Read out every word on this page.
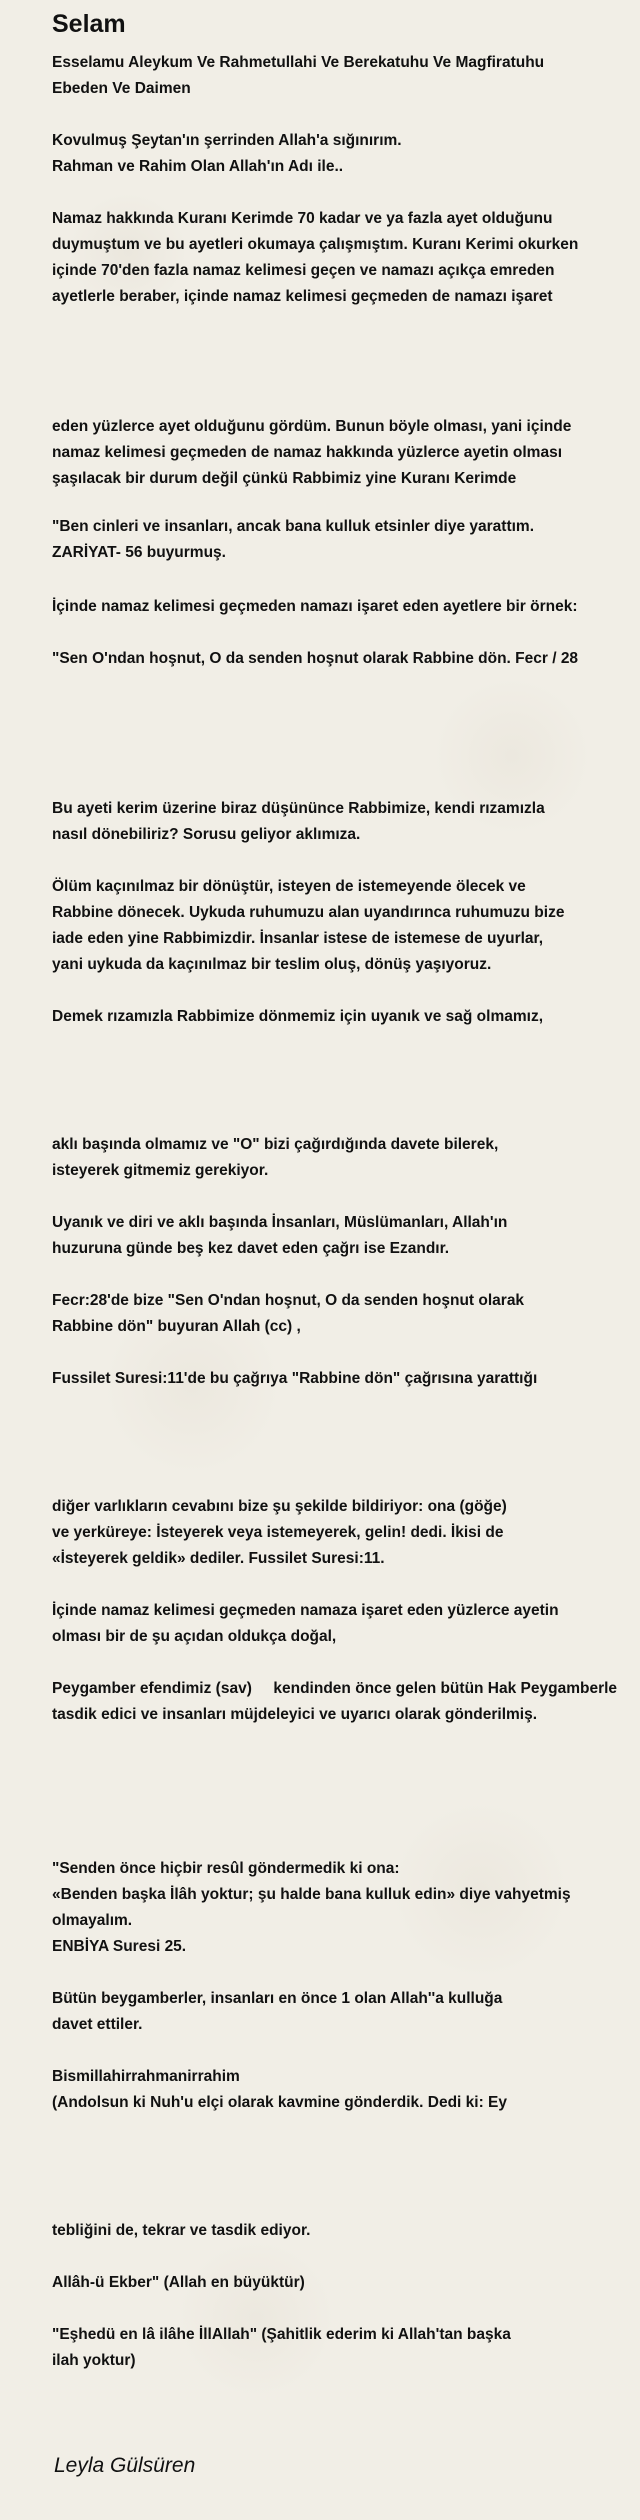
Selam

Esselamu Aleykum Ve Rahmetullahi Ve Berekatuhu Ve Magfiratuhu
Ebeden Ve Daimen

Kovulmuş Şeytan'ın şerrinden Allah'a sığınırım.
Rahman ve Rahim Olan Allah'ın Adı ile..

Namaz hakkında Kuranı Kerimde 70 kadar ve ya fazla ayet olduğunu
duymuştum ve bu ayetleri okumaya çalışmıştım. Kuranı Kerimi okurken
içinde 70'den fazla namaz kelimesi geçen ve namazı açıkça emreden
ayetlerle beraber, içinde namaz kelimesi geçmeden de namazı işaret

eden yüzlerce ayet olduğunu gördüm. Bunun böyle olması, yani içinde
namaz kelimesi geçmeden de namaz hakkında yüzlerce ayetin olması
şaşılacak bir durum değil çünkü Rabbimiz yine Kuranı Kerimde

"Ben cinleri ve insanları, ancak bana kulluk etsinler diye yarattım.
ZARİYAT- 56 buyurmuş.

İçinde namaz kelimesi geçmeden namazı işaret eden ayetlere bir örnek:

"Sen O'ndan hoşnut, O da senden hoşnut olarak Rabbine dön. Fecr / 28

Bu ayeti kerim üzerine biraz düşününce Rabbimize, kendi rızamızla
nasıl dönebiliriz? Sorusu geliyor aklımıza.

Ölüm kaçınılmaz bir dönüştür, isteyen de istemeyende ölecek ve
Rabbine dönecek. Uykuda ruhumuzu alan uyandırınca ruhumuzu bize
iade eden yine Rabbimizdir. İnsanlar istese de istemese de uyurlar,
yani uykuda da kaçınılmaz bir teslim oluş, dönüş yaşıyoruz.

Demek rızamızla Rabbimize dönmemiz için uyanık ve sağ olmamız,

aklı başında olmamız ve "O" bizi çağırdığında davete bilerek,
isteyerek gitmemiz gerekiyor.

Uyanık ve diri ve aklı başında İnsanları, Müslümanları, Allah'ın
huzuruna günde beş kez davet eden çağrı ise Ezandır.

Fecr:28'de bize "Sen O'ndan hoşnut, O da senden hoşnut olarak
Rabbine dön" buyuran Allah (cc) ,

Fussilet Suresi:11'de bu çağrıya "Rabbine dön" çağrısına yarattığı

diğer varlıkların cevabını bize şu şekilde bildiriyor: ona (göğe)
ve yerküreye: İsteyerek veya istemeyerek, gelin! dedi. İkisi de
«İsteyerek geldik» dediler. Fussilet Suresi:11.

İçinde namaz kelimesi geçmeden namaza işaret eden yüzlerce ayetin
olması bir de şu açıdan oldukça doğal,

Peygamber efendimiz (sav)     kendinden önce gelen bütün Hak Peygamberle
tasdik edici ve insanları müjdeleyici ve uyarıcı olarak gönderilmiş.

"Senden önce hiçbir resûl göndermedik ki ona:
«Benden başka İlâh yoktur; şu halde bana kulluk edin» diye vahyetmiş
olmayalım.
ENBİYA Suresi 25.

Bütün beygamberler, insanları en önce 1 olan Allah''a kulluğa
davet ettiler.

Bismillahirrahmanirrahim
(Andolsun ki Nuh'u elçi olarak kavmine gönderdik. Dedi ki: Ey

tebliğini de, tekrar ve tasdik ediyor.

Allâh-ü Ekber" (Allah en büyüktür)

"Eşhedü en lâ ilâhe İllAllah" (Şahitlik ederim ki Allah'tan başka
ilah yoktur)

Leyla Gülsüren
